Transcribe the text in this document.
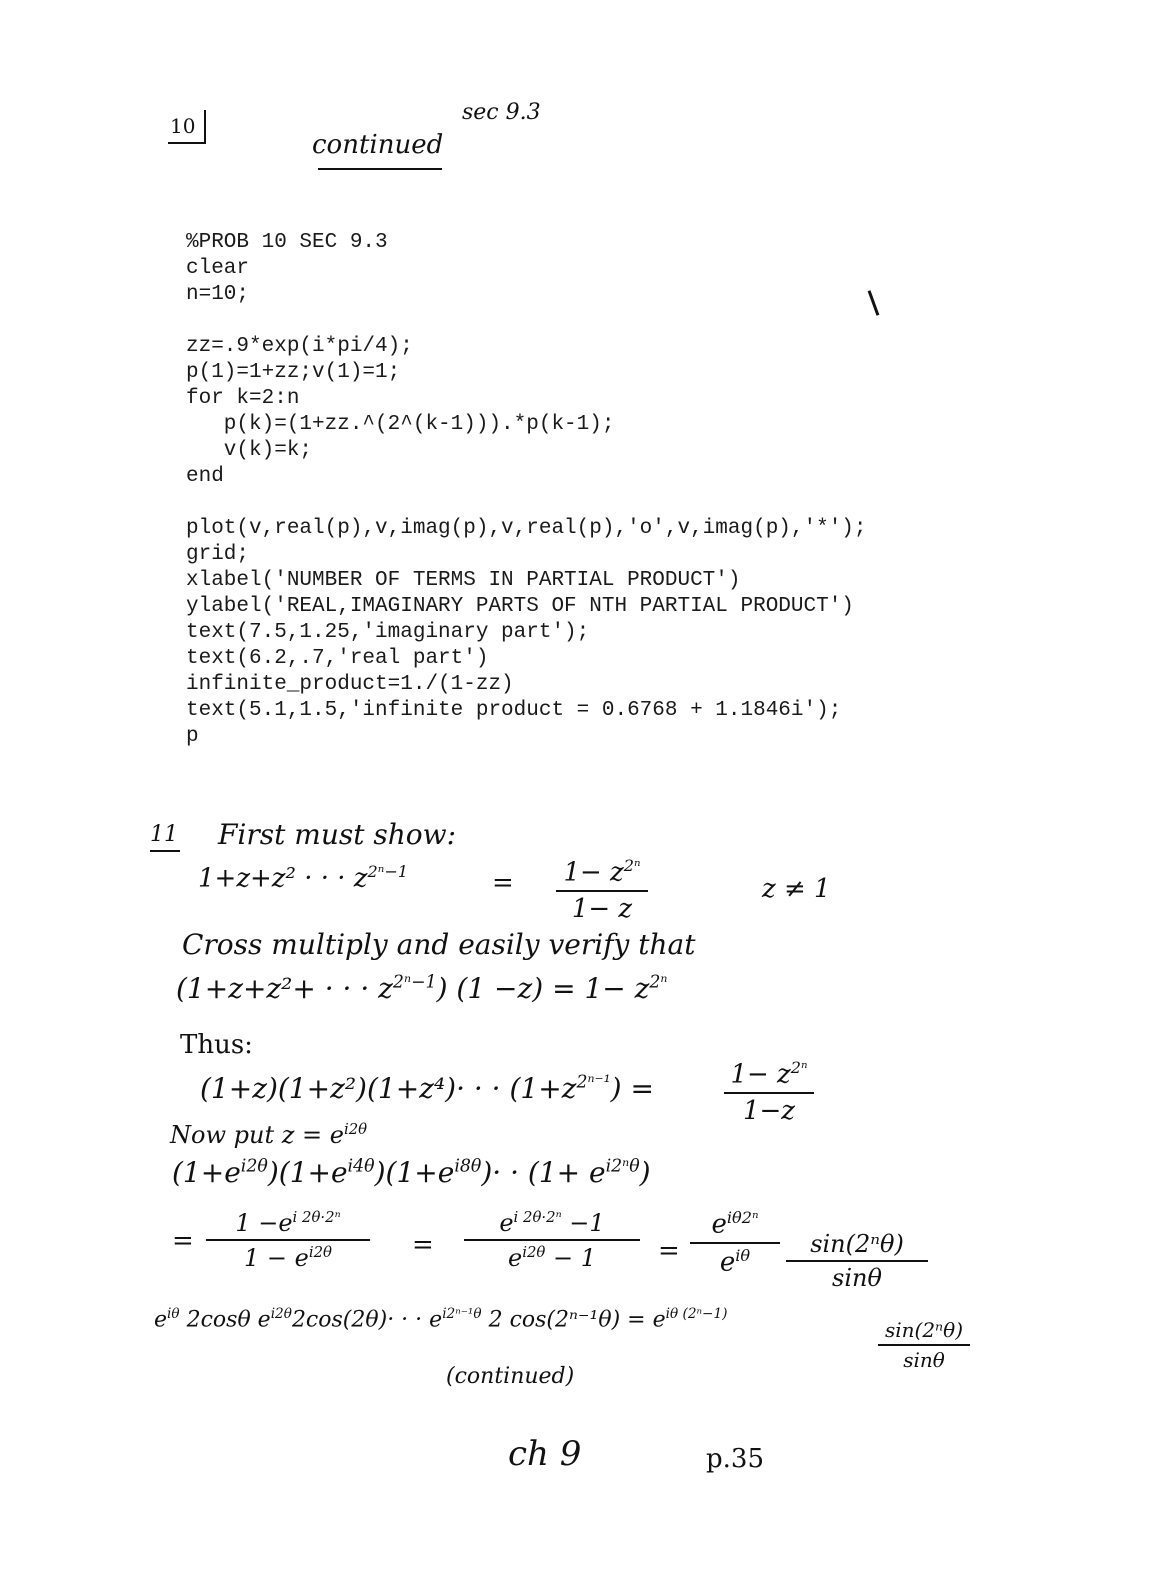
10
sec 9.3
continued
%PROB 10 SEC 9.3
clear
n=10;
zz=.9*exp(i*pi/4);
p(1)=1+zz;v(1)=1;
for k=2:n
p(k)=(1+zz.^(2^(k-1))).*p(k-1);
v(k)=k;
end
plot(v,real(p),v,imag(p),v,real(p),'o',v,imag(p),'*');
grid;
xlabel('NUMBER OF TERMS IN PARTIAL PRODUCT')
ylabel('REAL,IMAGINARY PARTS OF NTH PARTIAL PRODUCT')
text(7.5,1.25,'imaginary part');
text(6.2,.7,'real part')
infinite_product=1./(1-zz)
text(5.1,1.5,'infinite product = 0.6768 + 1.1846i');
p
11 First must show:
1+z+z² · · · $z^{2^n-1}$	= $1- z^{2^n}$
1− z
z ≠ 1
Cross multiply and easily verify that
(1+z+z²+ · · · $z^{2^n-1}$) $(1 -z) = 1- z^{2^n}$
Thus:
(1+z)(1+z²)(1+z⁴)· · · $(1+z^{2^{n-1}})$ =	$1- z^{2^n}$
1−z
Now put $z = e^{i2\theta}$
$(1+e^{i2\theta})(1+e^{i4\theta})(1+e^{i8\theta})\cdot \cdot (1+ e^{i2^n\theta})$
=
$1 -e^{i 2\theta\cdot 2^n}$
$1 - e^{i2\theta}$	=
$e^{i 2\theta\cdot 2^n} -1$
$e^{i2\theta} - 1$	=
$e^{i\theta 2^n}$
$e^{i\theta}$	sin(2ⁿθ)
sinθ
$e^{i\theta}$ 2cosθ $e^{i2\theta}2\cos(2\theta)\cdot$ · · $e^{i2^{n-1}\theta}$ 2 $\cos(2^{n-1}\theta) = e^{i\theta (2^n-1)}$
sin(2ⁿθ)
sinθ
(continued)
ch 9	p.35
